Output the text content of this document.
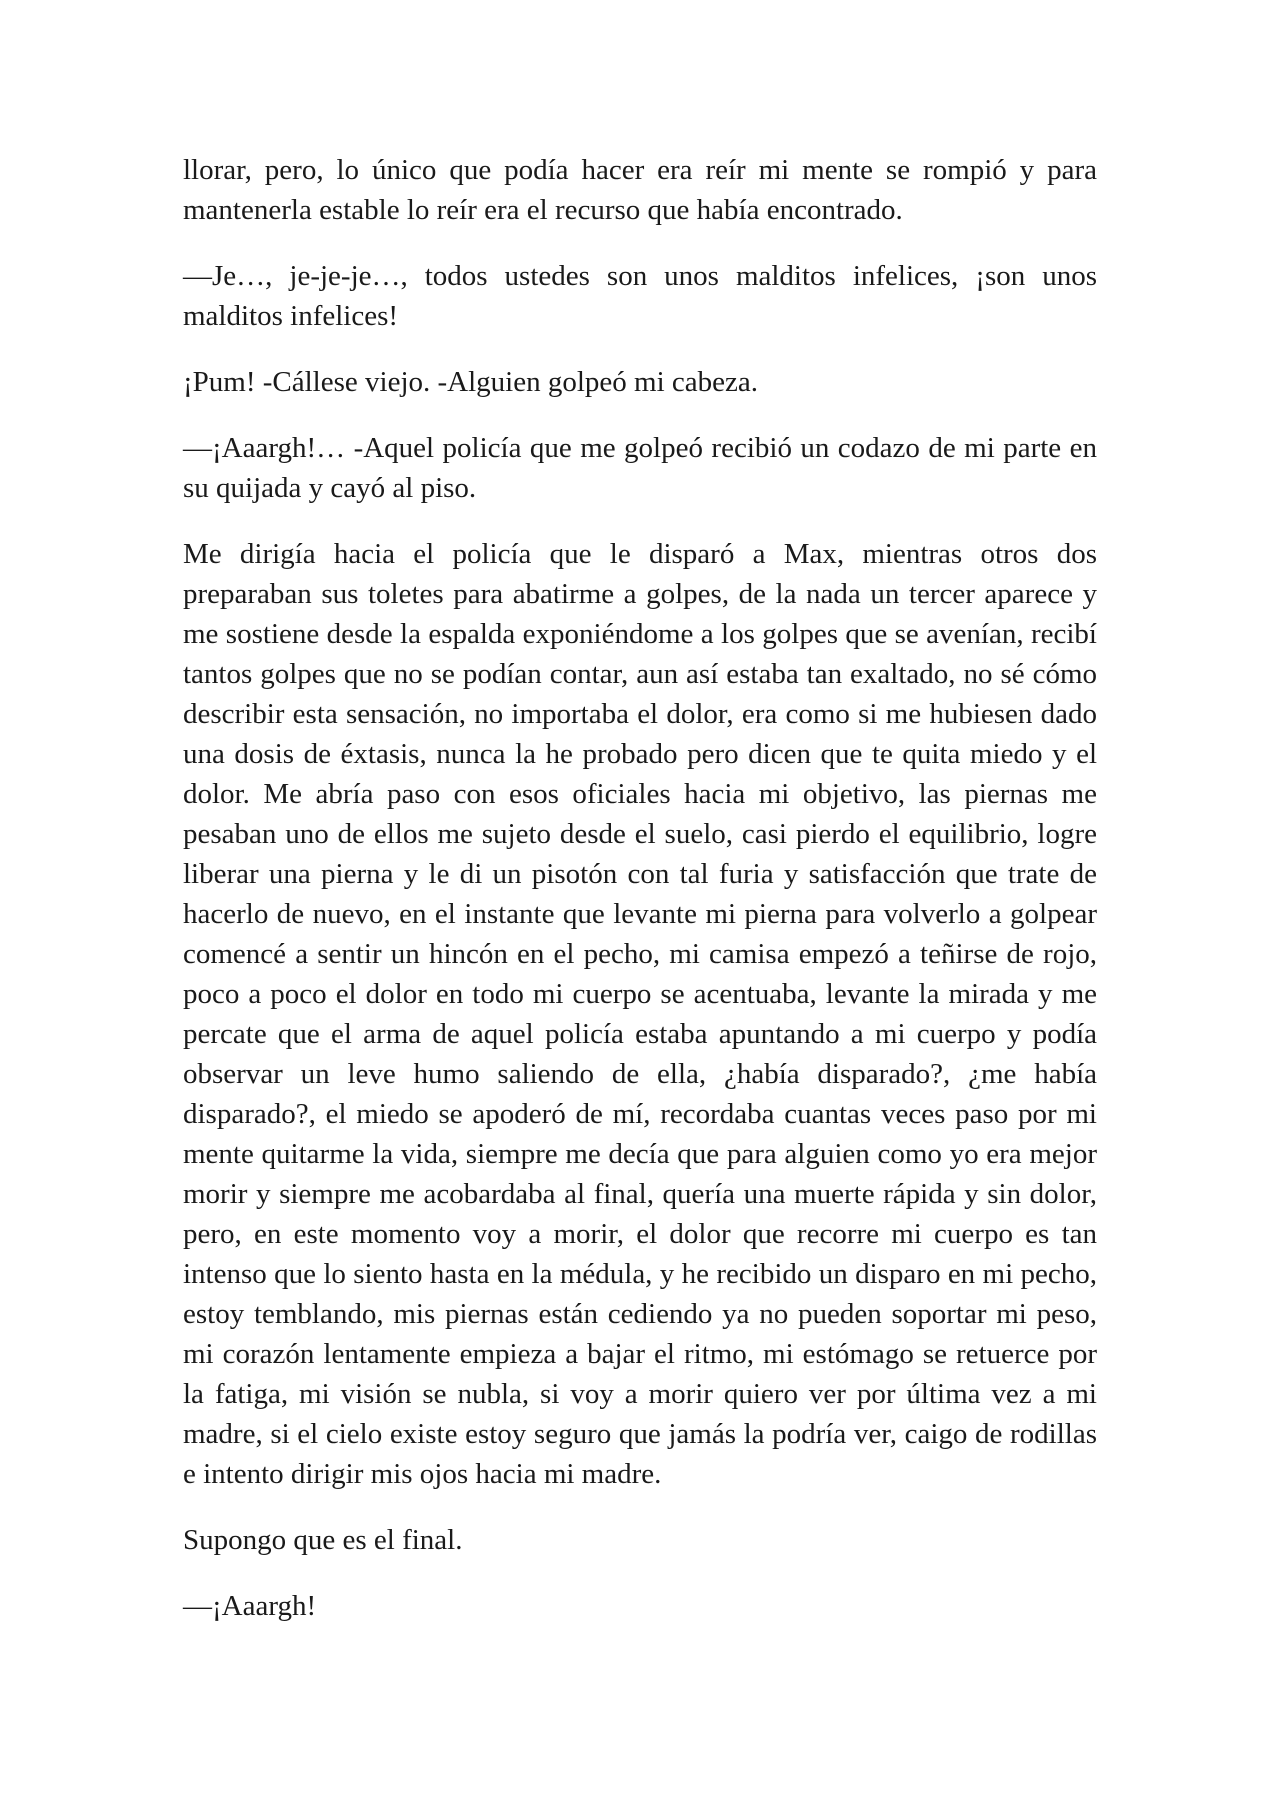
llorar, pero, lo único que podía hacer era reír mi mente se rompió y para mantenerla estable lo reír era el recurso que había encontrado.

—Je…, je-je-je…, todos ustedes son unos malditos infelices, ¡son unos malditos infelices!

¡Pum! -Cállese viejo. -Alguien golpeó mi cabeza.

—¡Aaargh!… -Aquel policía que me golpeó recibió un codazo de mi parte en su quijada y cayó al piso.

Me dirigía hacia el policía que le disparó a Max, mientras otros dos preparaban sus toletes para abatirme a golpes, de la nada un tercer aparece y me sostiene desde la espalda exponiéndome a los golpes que se avenían, recibí tantos golpes que no se podían contar, aun así estaba tan exaltado, no sé cómo describir esta sensación, no importaba el dolor, era como si me hubiesen dado una dosis de éxtasis, nunca la he probado pero dicen que te quita miedo y el dolor. Me abría paso con esos oficiales hacia mi objetivo, las piernas me pesaban uno de ellos me sujeto desde el suelo, casi pierdo el equilibrio, logre liberar una pierna y le di un pisotón con tal furia y satisfacción que trate de hacerlo de nuevo, en el instante que levante mi pierna para volverlo a golpear comencé a sentir un hincón en el pecho, mi camisa empezó a teñirse de rojo, poco a poco el dolor en todo mi cuerpo se acentuaba, levante la mirada y me percate que el arma de aquel policía estaba apuntando a mi cuerpo y podía observar un leve humo saliendo de ella, ¿había disparado?, ¿me había disparado?, el miedo se apoderó de mí, recordaba cuantas veces paso por mi mente quitarme la vida, siempre me decía que para alguien como yo era mejor morir y siempre me acobardaba al final, quería una muerte rápida y sin dolor, pero, en este momento voy a morir, el dolor que recorre mi cuerpo es tan intenso que lo siento hasta en la médula, y he recibido un disparo en mi pecho, estoy temblando, mis piernas están cediendo ya no pueden soportar mi peso, mi corazón lentamente empieza a bajar el ritmo, mi estómago se retuerce por la fatiga, mi visión se nubla, si voy a morir quiero ver por última vez a mi madre, si el cielo existe estoy seguro que jamás la podría ver, caigo de rodillas e intento dirigir mis ojos hacia mi madre.

Supongo que es el final.

—¡Aaargh!
